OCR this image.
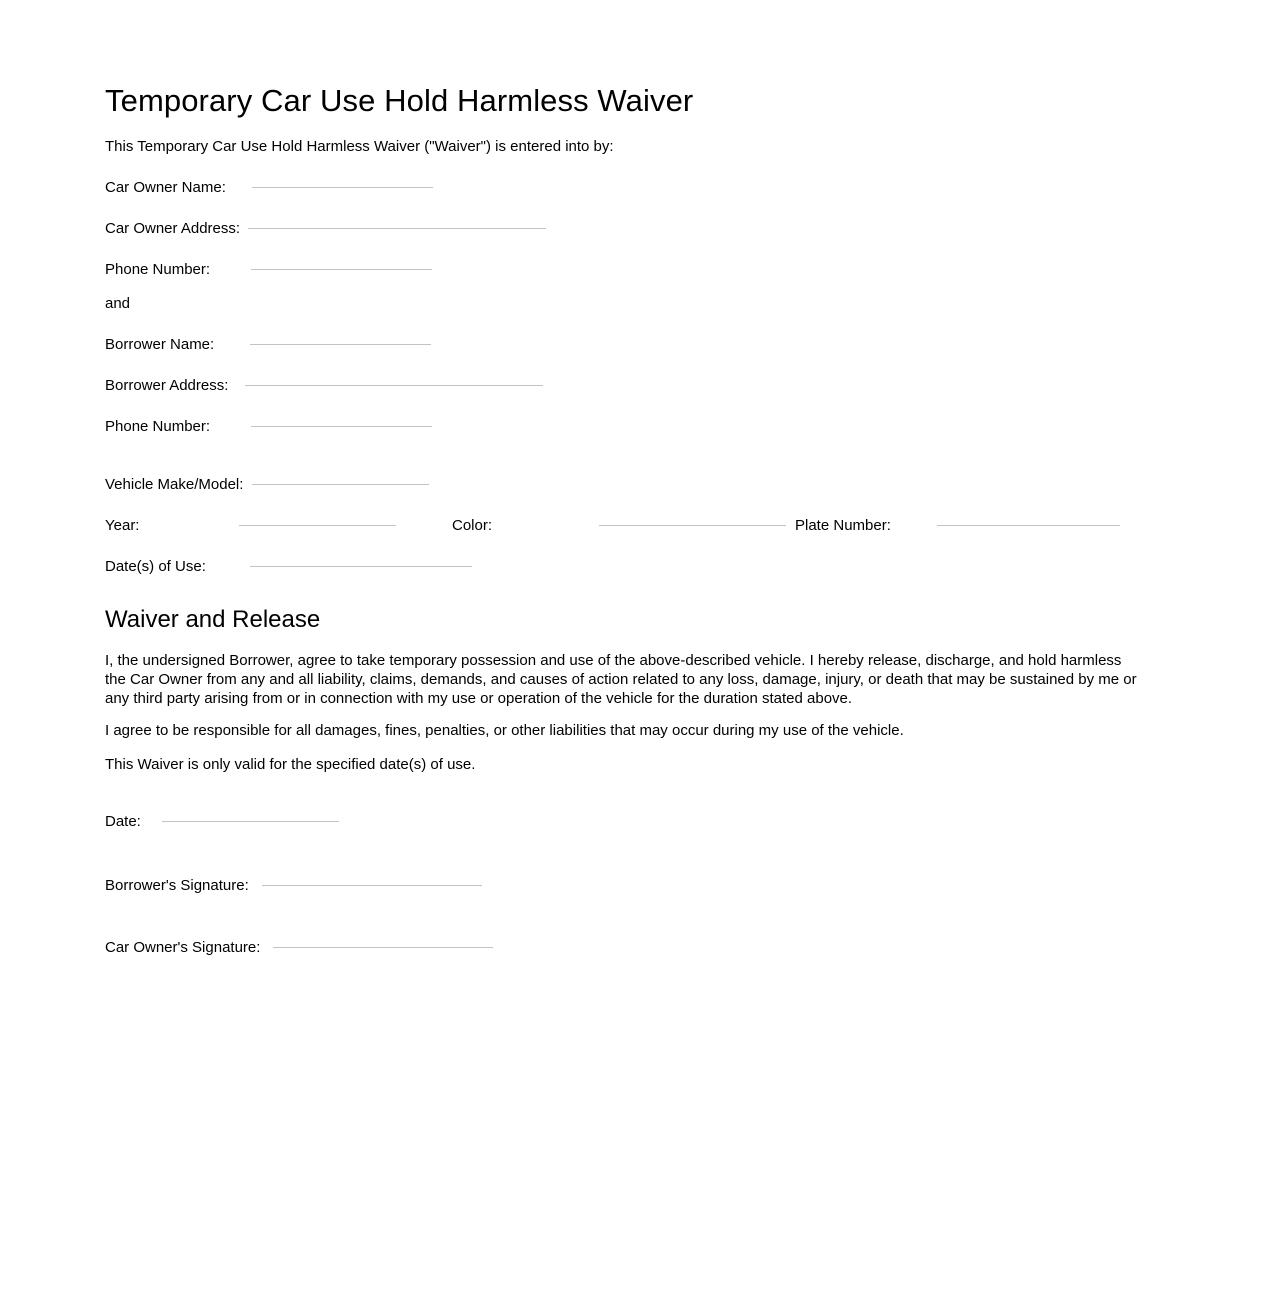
Temporary Car Use Hold Harmless Waiver
This Temporary Car Use Hold Harmless Waiver ("Waiver") is entered into by:
Car Owner Name:
Car Owner Address:
Phone Number:
and
Borrower Name:
Borrower Address:
Phone Number:
Vehicle Make/Model:
Year:	Color:	Plate Number:
Date(s) of Use:
Waiver and Release
I, the undersigned Borrower, agree to take temporary possession and use of the above-described vehicle. I hereby release, discharge, and hold harmless the Car Owner from any and all liability, claims, demands, and causes of action related to any loss, damage, injury, or death that may be sustained by me or any third party arising from or in connection with my use or operation of the vehicle for the duration stated above.
I agree to be responsible for all damages, fines, penalties, or other liabilities that may occur during my use of the vehicle.
This Waiver is only valid for the specified date(s) of use.
Date:
Borrower's Signature:
Car Owner's Signature:
